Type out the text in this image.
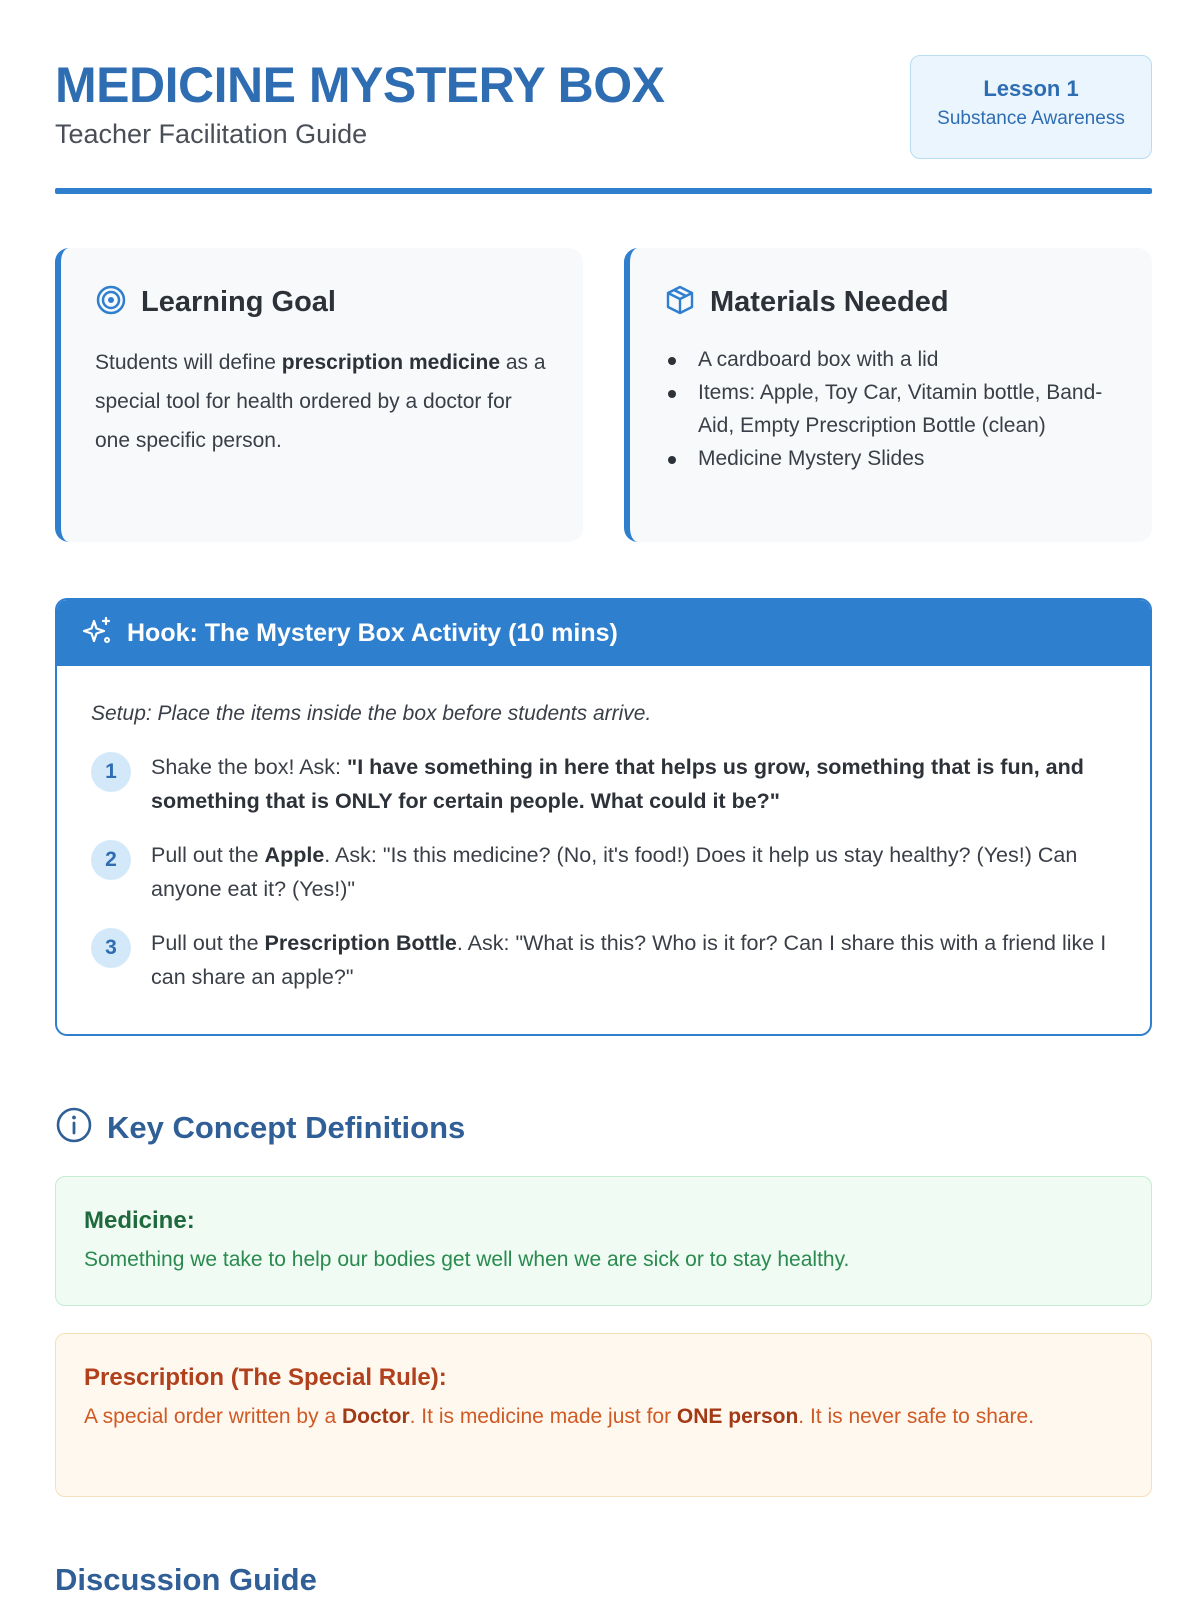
MEDICINE MYSTERY BOX
Teacher Facilitation Guide
Lesson 1
Substance Awareness
Learning Goal

Students will define prescription medicine as a special tool for health ordered by a doctor for one specific person.

Materials Needed
A cardboard box with a lid
Items: Apple, Toy Car, Vitamin bottle, Band-Aid, Empty Prescription Bottle (clean)
Medicine Mystery Slides
Hook: The Mystery Box Activity (10 mins)

Setup: Place the items inside the box before students arrive.

1	Shake the box! Ask: "I have something in here that helps us grow, something that is fun, and something that is ONLY for certain people. What could it be?"

2	Pull out the Apple. Ask: "Is this medicine? (No, it's food!) Does it help us stay healthy? (Yes!) Can anyone eat it? (Yes!)"

3	Pull out the Prescription Bottle. Ask: "What is this? Who is it for? Can I share this with a friend like I can share an apple?"

Key Concept Definitions
Medicine:
Something we take to help our bodies get well when we are sick or to stay healthy.
Prescription (The Special Rule):
A special order written by a Doctor. It is medicine made just for ONE person. It is never safe to share.
Discussion Guide
